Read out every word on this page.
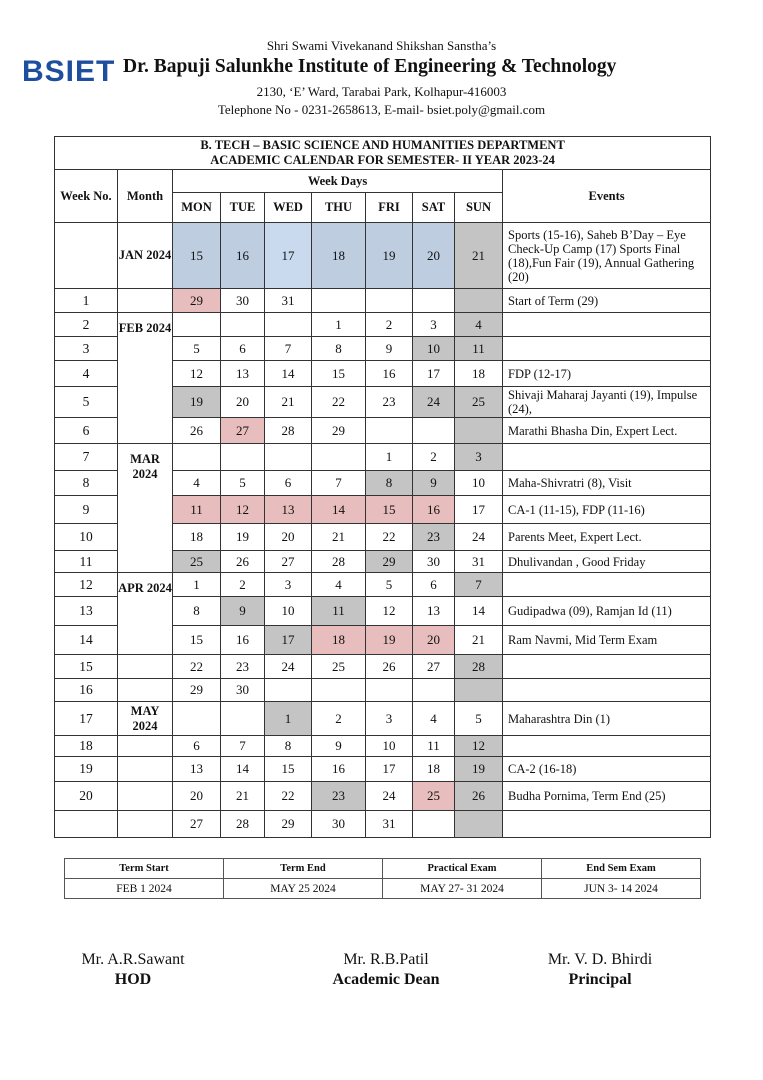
Shri Swami Vivekanand Shikshan Sanstha’s
BSIET Dr. Bapuji Salunkhe Institute of Engineering & Technology
2130, ‘E’ Ward, Tarabai Park, Kolhapur-416003
Telephone No - 0231-2658613, E-mail- bsiet.poly@gmail.com
B. TECH – BASIC SCIENCE AND HUMANITIES DEPARTMENT
ACADEMIC CALENDAR FOR SEMESTER- II YEAR 2023-24									

Week No.	Month	Week Days							Events
		MON	TUE	WED	THU	FRI	SAT	SUN	
	JAN 2024	15	16	17	18	19	20	21	Sports (15-16), Saheb B’Day – Eye Check-Up Camp (17) Sports Final (18),Fun Fair (19), Annual Gathering (20)
1		29	30	31					Start of Term (29)
2	FEB 2024				1	2	3	4	
3		5	6	7	8	9	10	11	
4		12	13	14	15	16	17	18	FDP (12-17)
5		19	20	21	22	23	24	25	Shivaji Maharaj Jayanti (19), Impulse (24),
6		26	27	28	29				Marathi Bhasha Din, Expert Lect.
7	MAR 2024					1	2	3	
8		4	5	6	7	8	9	10	Maha-Shivratri (8), Visit
9		11	12	13	14	15	16	17	CA-1 (11-15), FDP (11-16)
10		18	19	20	21	22	23	24	Parents Meet, Expert Lect.
11		25	26	27	28	29	30	31	Dhulivandan , Good Friday
12	APR 2024	1	2	3	4	5	6	7	
13		8	9	10	11	12	13	14	Gudipadwa (09), Ramjan Id (11)
14		15	16	17	18	19	20	21	Ram Navmi, Mid Term Exam
15		22	23	24	25	26	27	28	
16		29	30						
17	MAY 2024			1	2	3	4	5	Maharashtra Din (1)
18		6	7	8	9	10	11	12	
19		13	14	15	16	17	18	19	CA-2 (16-18)
20		20	21	22	23	24	25	26	Budha Pornima, Term End (25)
		27	28	29	30	31			
Term Start	Term End	Practical Exam	End Sem Exam
FEB 1 2024	MAY 25 2024	MAY 27- 31 2024	JUN 3- 14 2024
Mr. A.R.Sawant
HOD
Mr. R.B.Patil
Academic Dean
Mr. V. D. Bhirdi
Principal
